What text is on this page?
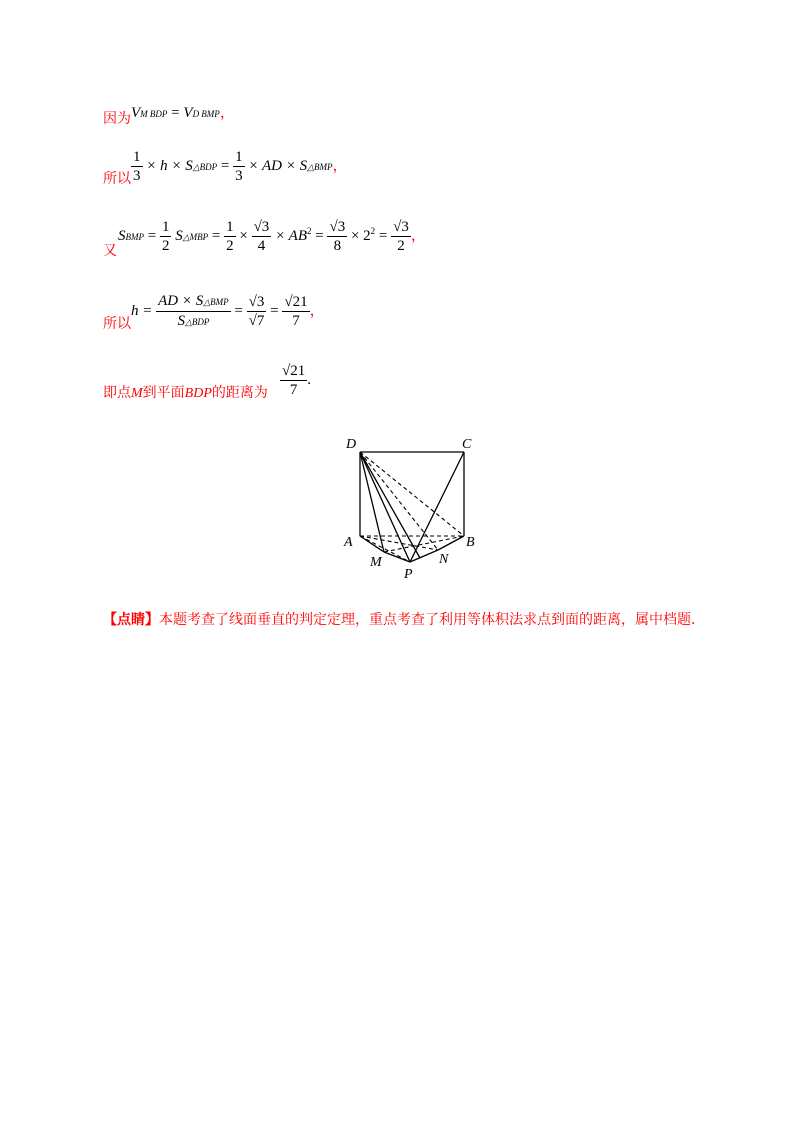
因为 VM BDP = VD BMP，
所以 $\frac{1}{3} \times h$ × S△BDP = $\frac{1}{3}$ × AD × S△BMP，
又
SBMP = $\frac{1}{2}$ S△MBP = $\frac{1}{2} \times \frac{√3}{4} \times AB^2 = \frac{√3}{8} \times 2^2 = \frac{√3}{2}$ ，
所以
$h = \frac{\text{AD × S△BMP}}{\text{S△BDP}} = \frac{√3}{√7} = \frac{√21}{7}$ ，
即点M到平面BDP的距离为 $\frac{√21}{7}$ .
D	C
A	B
M
P
N
【点睛】本题考查了线面垂直的判定定理，重点考查了利用等体积法求点到面的距离，属中档题.
